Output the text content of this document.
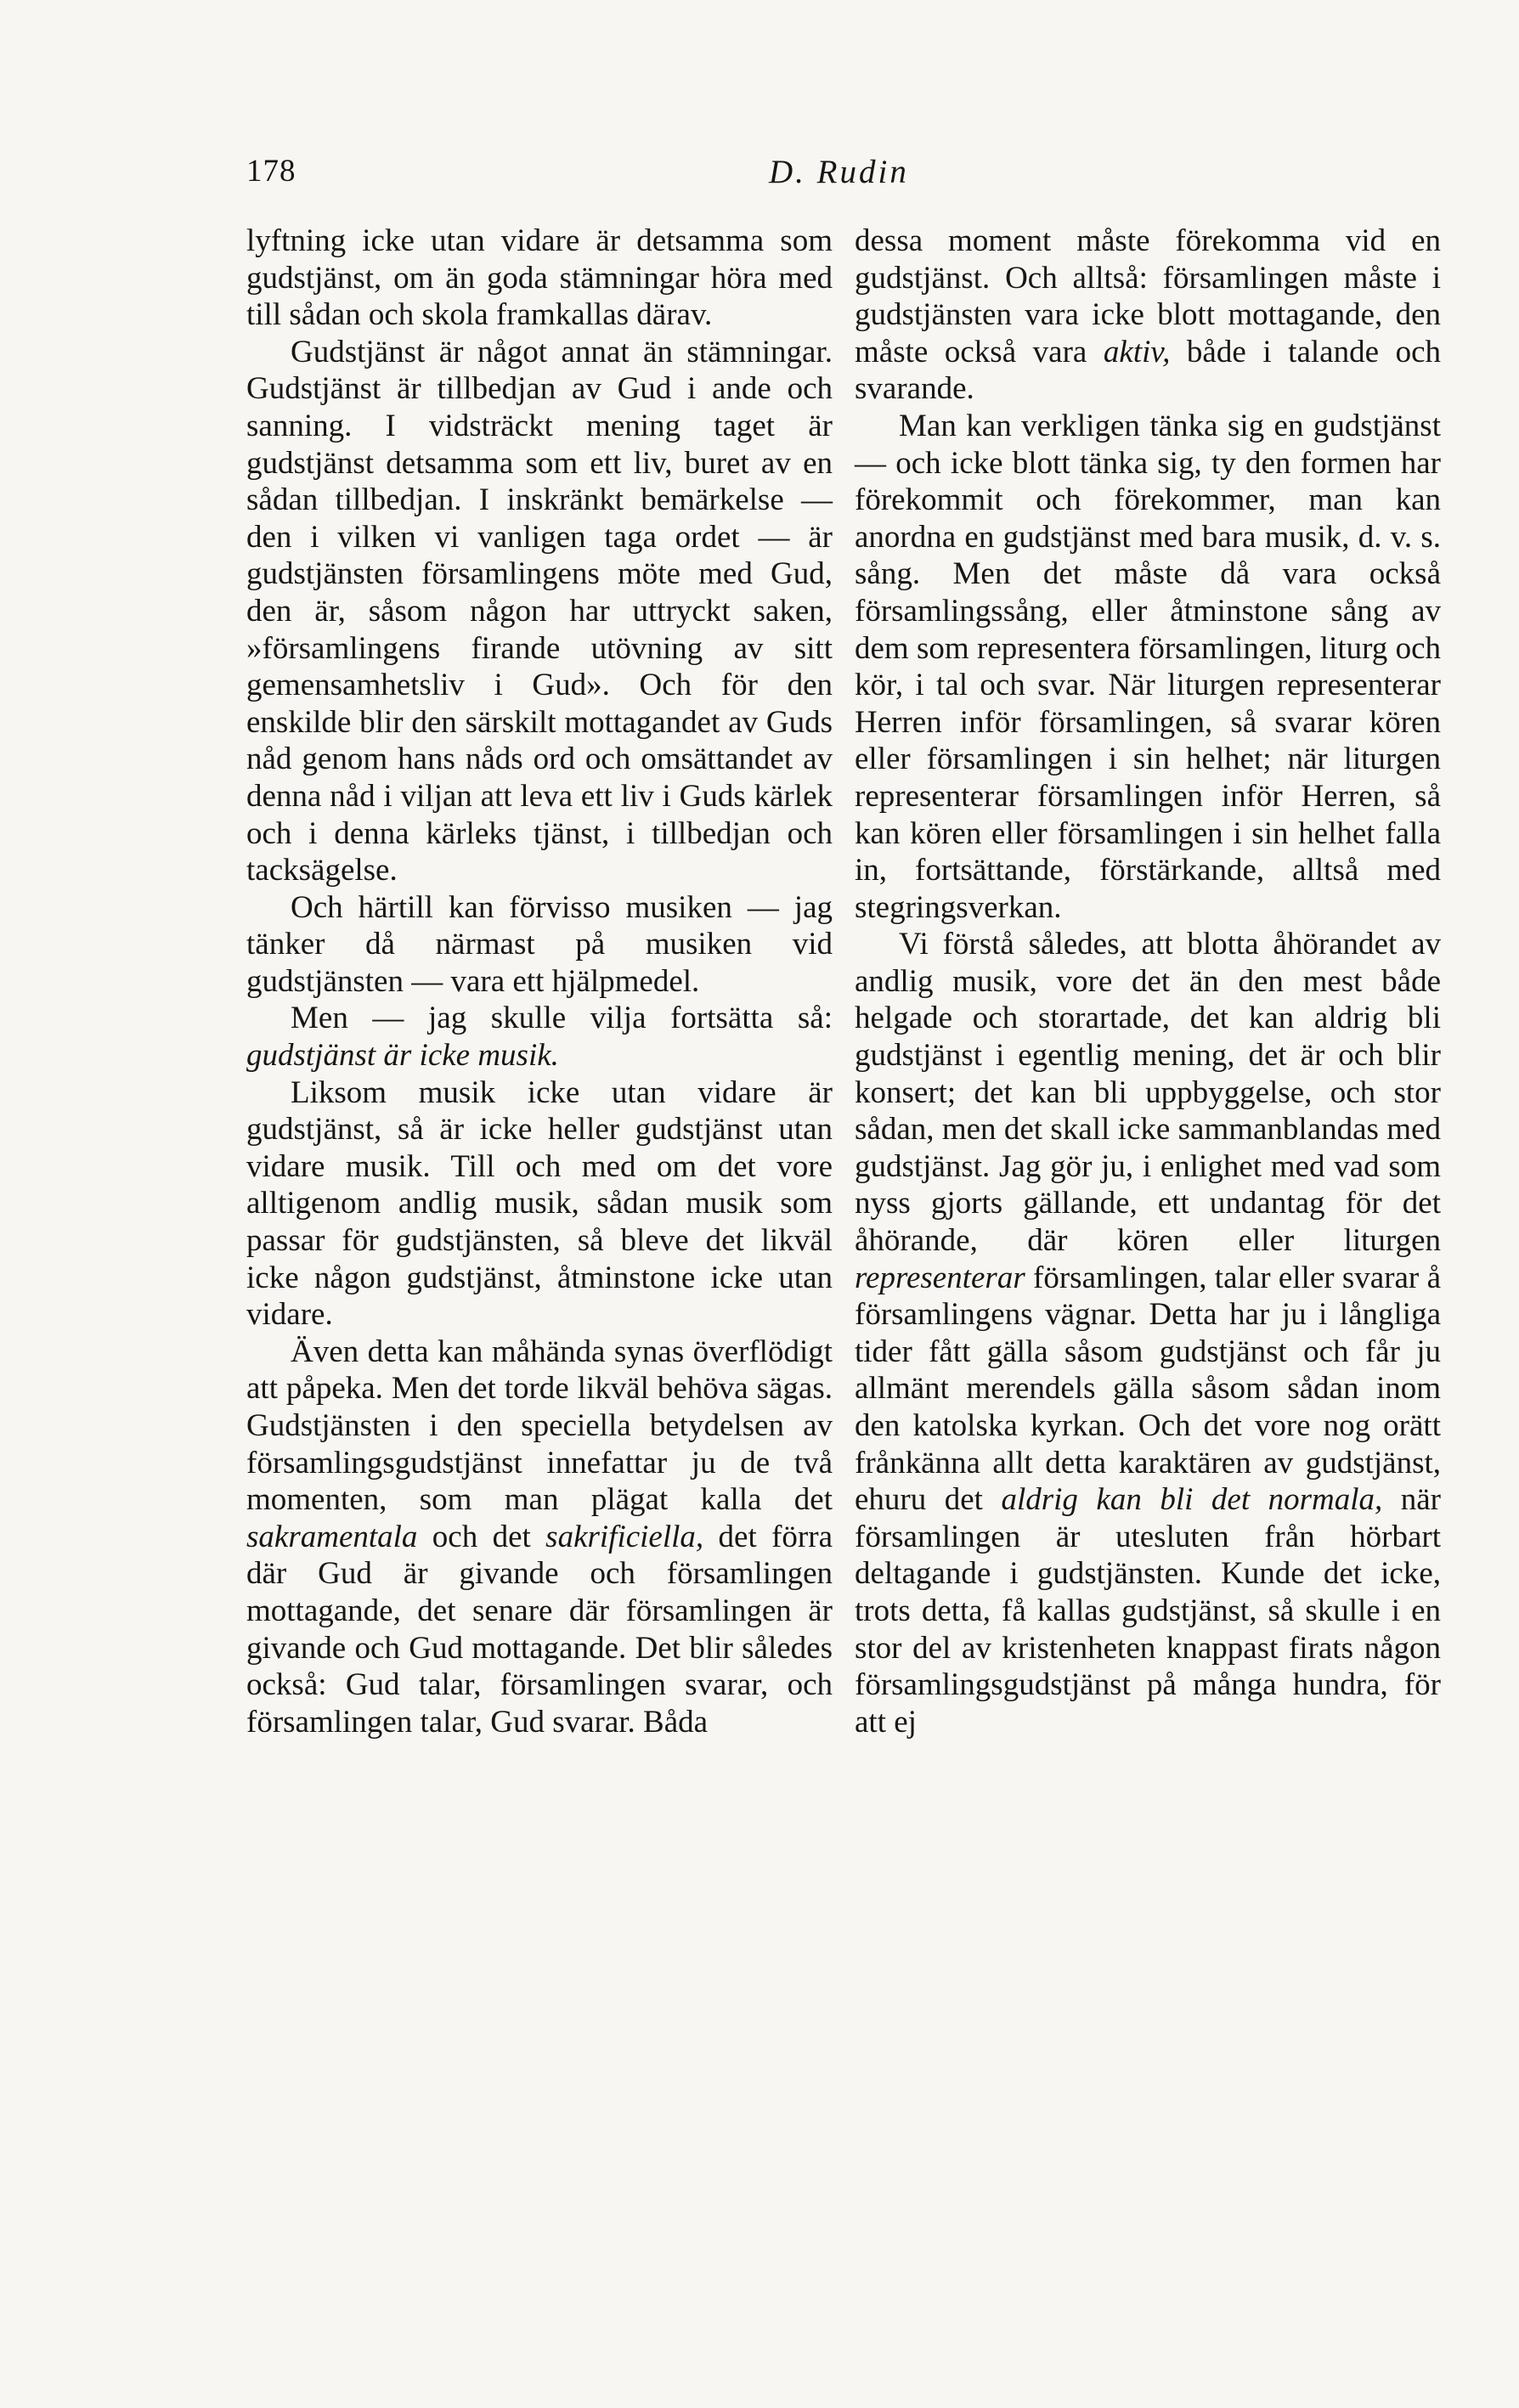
178	D. Rudin

lyftning icke utan vidare är detsamma som gudstjänst, om än goda stämningar höra med till sådan och skola framkallas därav.

Gudstjänst är något annat än stämningar. Gudstjänst är tillbedjan av Gud i ande och sanning. I vidsträckt mening taget är gudstjänst detsamma som ett liv, buret av en sådan tillbedjan. I inskränkt bemärkelse — den i vilken vi vanligen taga ordet — är gudstjänsten församlingens möte med Gud, den är, såsom någon har uttryckt saken, »församlingens firande utövning av sitt gemensamhetsliv i Gud». Och för den enskilde blir den särskilt mottagandet av Guds nåd genom hans nåds ord och omsättandet av denna nåd i viljan att leva ett liv i Guds kärlek och i denna kärleks tjänst, i tillbedjan och tacksägelse.

Och härtill kan förvisso musiken — jag tänker då närmast på musiken vid gudstjänsten — vara ett hjälpmedel.

Men — jag skulle vilja fortsätta så: gudstjänst är icke musik.

Liksom musik icke utan vidare är gudstjänst, så är icke heller gudstjänst utan vidare musik. Till och med om det vore alltigenom andlig musik, sådan musik som passar för gudstjänsten, så bleve det likväl icke någon gudstjänst, åtminstone icke utan vidare.

Även detta kan måhända synas överflödigt att påpeka. Men det torde likväl behöva sägas. Gudstjänsten i den speciella betydelsen av församlingsgudstjänst innefattar ju de två momenten, som man plägat kalla det sakramentala och det sakrificiella, det förra där Gud är givande och församlingen mottagande, det senare där församlingen är givande och Gud mottagande. Det blir således också: Gud talar, församlingen svarar, och församlingen talar, Gud svarar. Båda

dessa moment måste förekomma vid en gudstjänst. Och alltså: församlingen måste i gudstjänsten vara icke blott mottagande, den måste också vara aktiv, både i talande och svarande.

Man kan verkligen tänka sig en gudstjänst — och icke blott tänka sig, ty den formen har förekommit och förekommer, man kan anordna en gudstjänst med bara musik, d. v. s. sång. Men det måste då vara också församlingssång, eller åtminstone sång av dem som representera församlingen, liturg och kör, i tal och svar. När liturgen representerar Herren inför församlingen, så svarar kören eller församlingen i sin helhet; när liturgen representerar församlingen inför Herren, så kan kören eller församlingen i sin helhet falla in, fortsättande, förstärkande, alltså med stegringsverkan.

Vi förstå således, att blotta åhörandet av andlig musik, vore det än den mest både helgade och storartade, det kan aldrig bli gudstjänst i egentlig mening, det är och blir konsert; det kan bli uppbyggelse, och stor sådan, men det skall icke sammanblandas med gudstjänst. Jag gör ju, i enlighet med vad som nyss gjorts gällande, ett undantag för det åhörande, där kören eller liturgen representerar församlingen, talar eller svarar å församlingens vägnar. Detta har ju i långliga tider fått gälla såsom gudstjänst och får ju allmänt merendels gälla såsom sådan inom den katolska kyrkan. Och det vore nog orätt frånkänna allt detta karaktären av gudstjänst, ehuru det aldrig kan bli det normala, när församlingen är utesluten från hörbart deltagande i gudstjänsten. Kunde det icke, trots detta, få kallas gudstjänst, så skulle i en stor del av kristenheten knappast firats någon församlingsgudstjänst på många hundra, för att ej
